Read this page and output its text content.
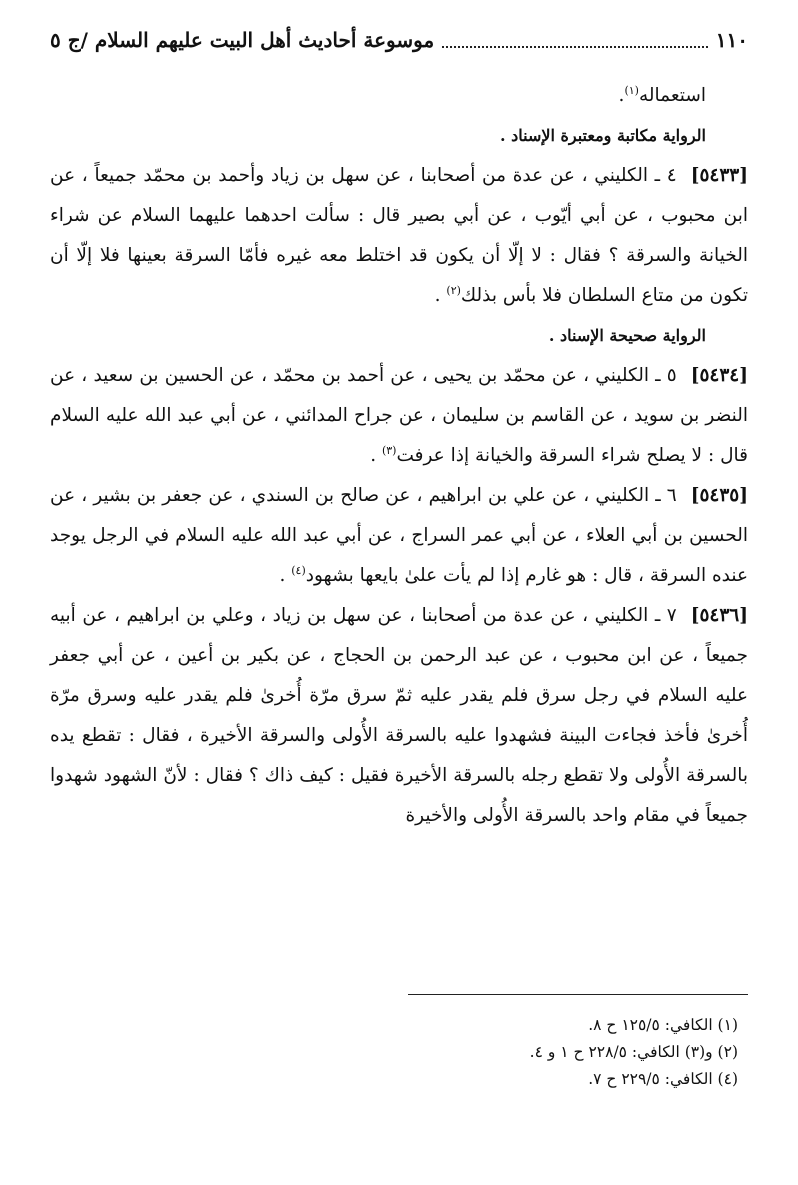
١١٠
موسوعة أحاديث أهل البيت عليهم السلام /ج ٥

استعماله$^{(١)}$.

الرواية مكاتبة ومعتبرة الإسناد .

[٥٤٣٣]٤ ـ الكليني ، عن عدة من أصحابنا ، عن سهل بن زياد وأحمد بن محمّد جميعاً ، عن ابن محبوب ، عن أبي أيّوب ، عن أبي بصير قال : سألت احدهما عليهما السلام عن شراء الخيانة والسرقة ؟ فقال : لا إلّا أن يكون قد اختلط معه غيره فأمّا السرقة بعينها فلا إلّا أن تكون من متاع السلطان فلا بأس بذلك$^{(٢)}$ .

الرواية صحيحة الإسناد .

[٥٤٣٤]٥ ـ الكليني ، عن محمّد بن يحيى ، عن أحمد بن محمّد ، عن الحسين بن سعيد ، عن النضر بن سويد ، عن القاسم بن سليمان ، عن جراح المدائني ، عن أبي عبد الله عليه السلام قال : لا يصلح شراء السرقة والخيانة إذا عرفت$^{(٣)}$ .

[٥٤٣٥]٦ ـ الكليني ، عن علي بن ابراهيم ، عن صالح بن السندي ، عن جعفر بن بشير ، عن الحسين بن أبي العلاء ، عن أبي عمر السراج ، عن أبي عبد الله عليه السلام في الرجل يوجد عنده السرقة ، قال : هو غارم إذا لم يأت علىٰ بايعها بشهود$^{(٤)}$ .

[٥٤٣٦]٧ ـ الكليني ، عن عدة من أصحابنا ، عن سهل بن زياد ، وعلي بن ابراهيم ، عن أبيه جميعاً ، عن ابن محبوب ، عن عبد الرحمن بن الحجاج ، عن بكير بن أعين ، عن أبي جعفر عليه السلام في رجل سرق فلم يقدر عليه ثمّ سرق مرّة أُخرىٰ فلم يقدر عليه وسرق مرّة أُخرىٰ فأخذ فجاءت البينة فشهدوا عليه بالسرقة الأُولى والسرقة الأخيرة ، فقال : تقطع يده بالسرقة الأُولى ولا تقطع رجله بالسرقة الأخيرة فقيل : كيف ذاك ؟ فقال : لأنّ الشهود شهدوا جميعاً في مقام واحد بالسرقة الأُولى والأخيرة

(١) الكافي: ١٢٥/٥ ح ٨.
(٢) و(٣) الكافي: ٢٢٨/٥ ح ١ و ٤.
(٤) الكافي: ٢٢٩/٥ ح ٧.
